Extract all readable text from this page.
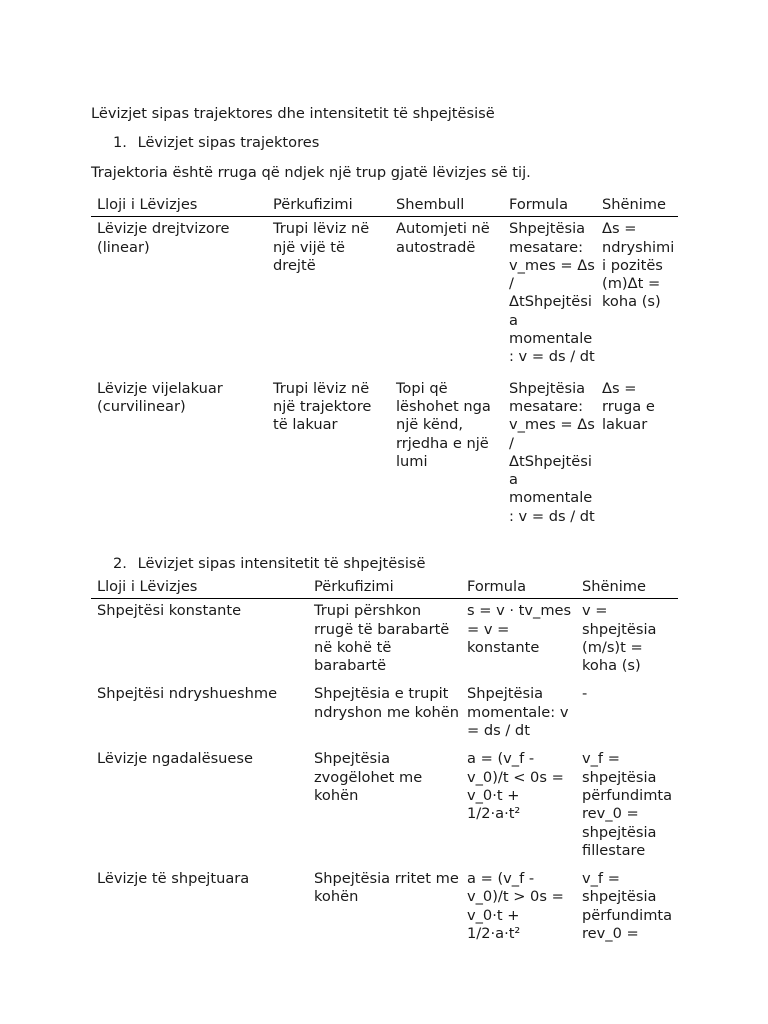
Lëvizjet sipas trajektores dhe intensitetit të shpejtësisë
1. Lëvizjet sipas trajektores
Trajektoria është rruga që ndjek një trup gjatë lëvizjes së tij.
Lloji i Lëvizjes	Përkufizimi	Shembull	Formula	Shënime
Lëvizje drejtvizore (linear)	Trupi lëviz në një vijë të drejtë	Automjeti në autostradë	Shpejtësia mesatare: v_mes = Δs / ΔtShpejtësia momentale: v = ds / dt	Δs = ndryshimi i pozitës (m)Δt = koha (s)
Lëvizje vijelakuar (curvilinear)	Trupi lëviz në një trajektore të lakuar	Topi që lëshohet nga një kënd, rrjedha e një lumi	Shpejtësia mesatare: v_mes = Δs / ΔtShpejtësia momentale: v = ds / dt	Δs = rruga e lakuar
2. Lëvizjet sipas intensitetit të shpejtësisë
Lloji i Lëvizjes	Përkufizimi	Formula	Shënime
Shpejtësi konstante	Trupi përshkon rrugë të barabartë në kohë të barabartë	s = v · tv_mes = v = konstante	v = shpejtësia (m/s)t = koha (s)
Shpejtësi ndryshueshme	Shpejtësia e trupit ndryshon me kohën	Shpejtësia momentale: v = ds / dt	-
Lëvizje ngadalësuese	Shpejtësia zvogëlohet me kohën	a = (v_f - v_0)/t < 0s = v_0·t + 1/2·a·t²	v_f = shpejtësia përfundimtarev_0 = shpejtësia fillestare
Lëvizje të shpejtuara	Shpejtësia rritet me kohën	a = (v_f - v_0)/t > 0s = v_0·t + 1/2·a·t²	v_f = shpejtësia përfundimtarev_0 =
